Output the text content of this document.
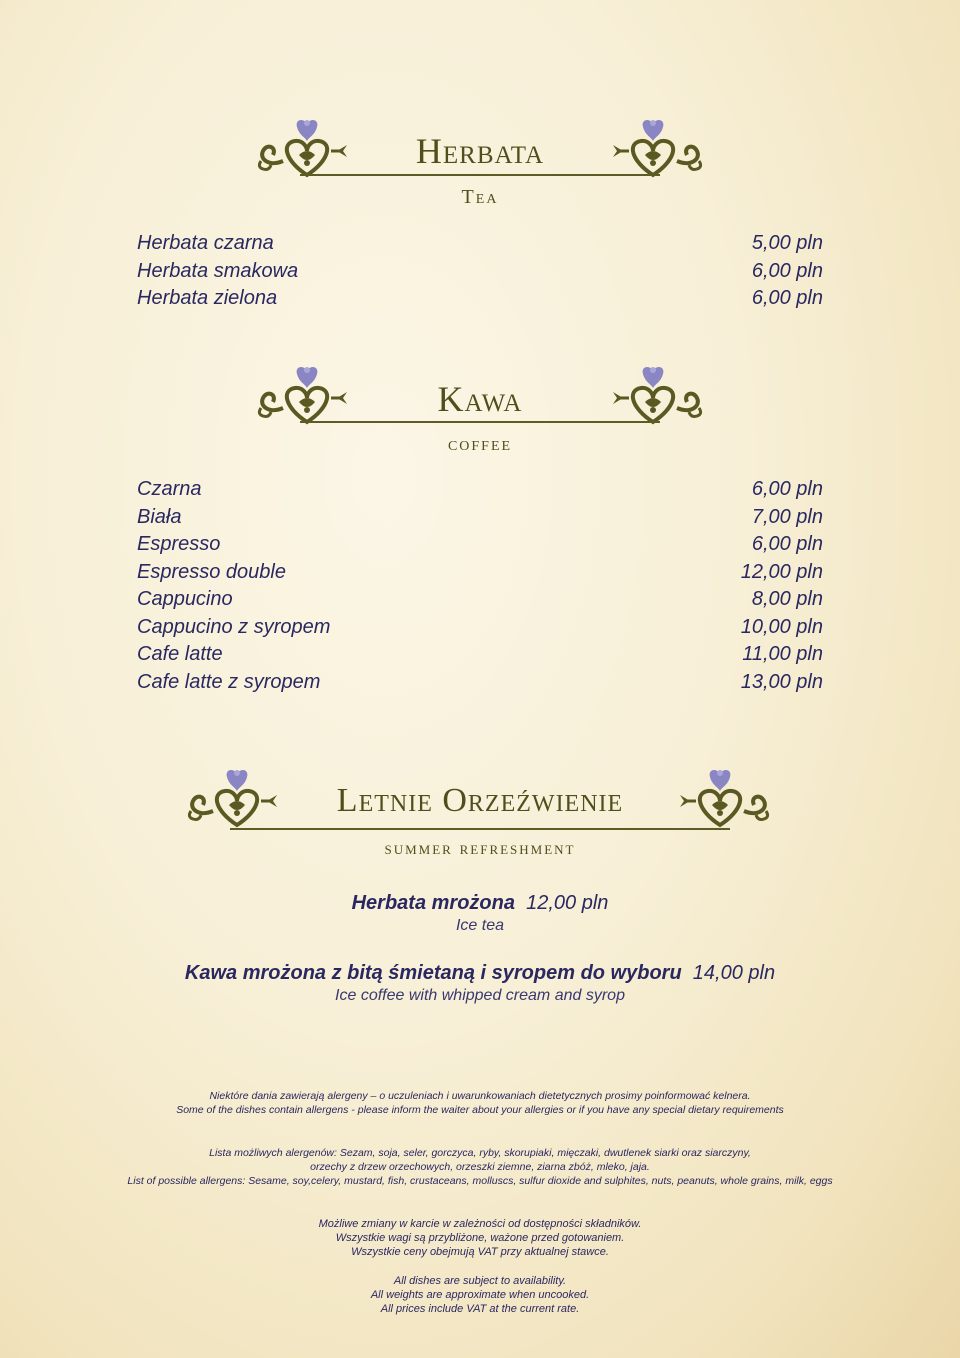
Herbata
Tea
Herbata czarna
Herbata smakowa
Herbata zielona
5,00 pln
6,00 pln
6,00 pln
Kawa
coffee
Czarna
Biała
Espresso
Espresso double
Cappucino
Cappucino z syropem
Cafe latte
Cafe latte z syropem
6,00 pln
7,00 pln
6,00 pln
12,00 pln
8,00 pln
10,00 pln
11,00 pln
13,00 pln
Letnie Orzeźwienie
summer refreshment
Herbata mrożona 12,00 pln
Ice tea
Kawa mrożona z bitą śmietaną i syropem do wyboru 14,00 pln
Ice coffee with whipped cream and syrop
Niektóre dania zawierają alergeny – o uczuleniach i uwarunkowaniach dietetycznych prosimy poinformować kelnera.
Some of the dishes contain allergens - please inform the waiter about your allergies or if you have any special dietary requirements
Lista możliwych alergenów: Sezam, soja, seler, gorczyca, ryby, skorupiaki, mięczaki, dwutlenek siarki oraz siarczyny,
orzechy z drzew orzechowych, orzeszki ziemne, ziarna zbóż, mleko, jaja.
List of possible allergens: Sesame, soy,celery, mustard, fish, crustaceans, molluscs, sulfur dioxide and sulphites, nuts, peanuts, whole grains, milk, eggs
Możliwe zmiany w karcie w zależności od dostępności składników.
Wszystkie wagi są przybliżone, ważone przed gotowaniem.
Wszystkie ceny obejmują VAT przy aktualnej stawce.
All dishes are subject to availability.
All weights are approximate when uncooked.
All prices include VAT at the current rate.
